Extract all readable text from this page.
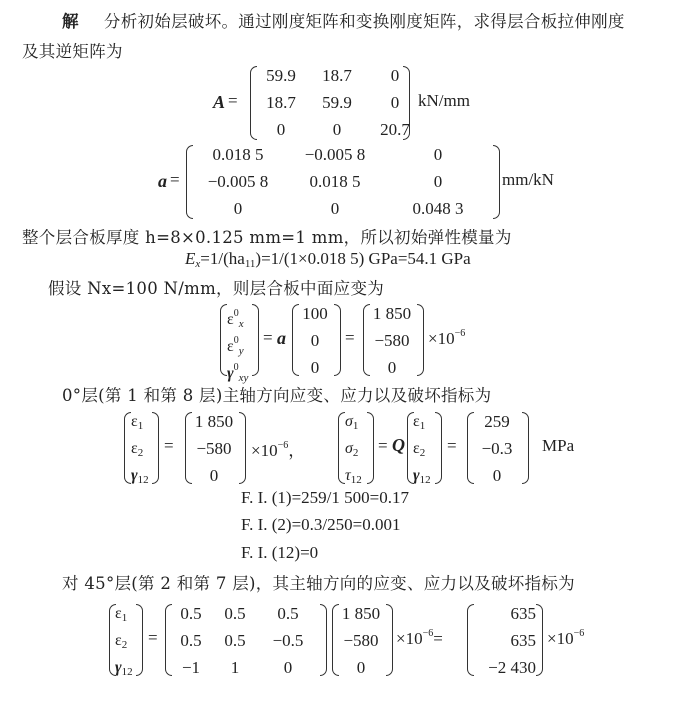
解 分析初始层破坏。通过刚度矩阵和变换刚度矩阵，求得层合板拉伸刚度
及其逆矩阵为
A =
59.9	18.7	0
18.7	59.9	0
0	0	20.7
kN/mm
a =
0.018 5	−0.005 8	0
−0.005 8	0.018 5	0
0	0	0.048 3
mm/kN
整个层合板厚度 h=8×0.125 mm=1 mm，所以初始弹性模量为
$E_x=1/(ha_{11})=1/(1\times 0.018$ 5) GPa=54.1 GPa
假设 Nx=100 N/mm，则层合板中面应变为
$\varepsilon^0_x$
$\varepsilon^0_y$
$\gamma^0_{xy}$
= a
100
0
0
=
1 850
−580
0
$\times 10^{-6}$
0°层(第 1 和第 8 层)主轴方向应变、应力以及破坏指标为
$\varepsilon_1$
$\varepsilon_2$
$\gamma_{12}$
=
1 850
−580
0
$\times 10^{-6}$，
$\sigma_1$
$\sigma_2$
$\tau_{12}$
= Q
$\varepsilon_1$
$\varepsilon_2$
$\gamma_{12}$
=
259
−0.3
0
MPa
F. I. (1)=259/1 500=0.17
F. I. (2)=0.3/250=0.001
F. I. (12)=0
对 45°层(第 2 和第 7 层)，其主轴方向的应变、应力以及破坏指标为
$\varepsilon_1$
$\varepsilon_2$
$\gamma_{12}$
=
0.5	0.5	0.5
0.5	0.5	−0.5
−1	1	0
1 850
−580
0
$\times 10^{-6}=$
635
635
−2 430
$\times 10^{-6}$
